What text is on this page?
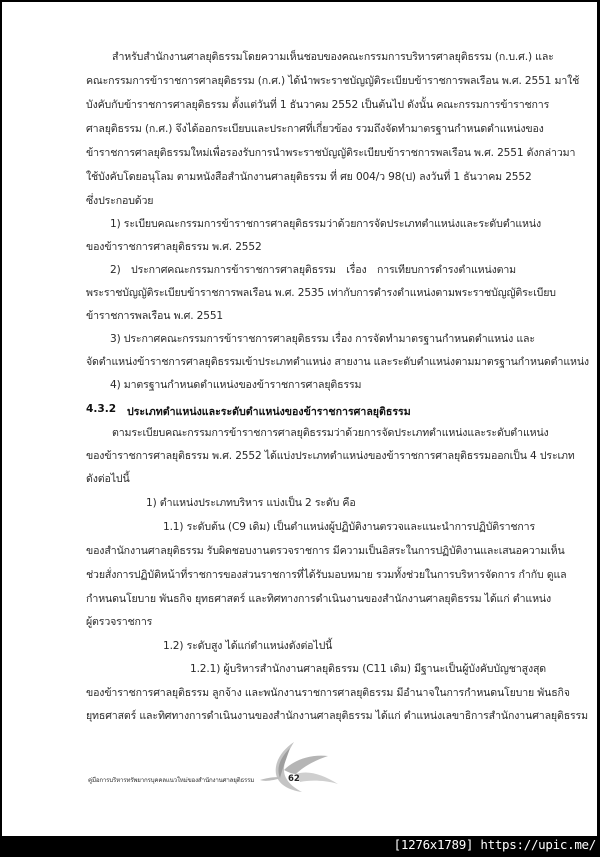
สำหรับสำนักงานศาลยุติธรรมโดยความเห็นชอบของคณะกรรมการบริหารศาลยุติธรรม (ก.บ.ศ.) และ
คณะกรรมการข้าราชการศาลยุติธรรม (ก.ศ.) ได้นำพระราชบัญญัติระเบียบข้าราชการพลเรือน พ.ศ. 2551 มาใช้
บังคับกับข้าราชการศาลยุติธรรม ตั้งแต่วันที่ 1 ธันวาคม 2552 เป็นต้นไป ดังนั้น คณะกรรมการข้าราชการ
ศาลยุติธรรม (ก.ศ.) จึงได้ออกระเบียบและประกาศที่เกี่ยวข้อง รวมถึงจัดทำมาตรฐานกำหนดตำแหน่งของ
ข้าราชการศาลยุติธรรมใหม่เพื่อรองรับการนำพระราชบัญญัติระเบียบข้าราชการพลเรือน พ.ศ. 2551 ดังกล่าวมา
ใช้บังคับโดยอนุโลม ตามหนังสือสำนักงานศาลยุติธรรม ที่ ศย 004/ว 98(ป) ลงวันที่ 1 ธันวาคม 2552
ซึ่งประกอบด้วย
1) ระเบียบคณะกรรมการข้าราชการศาลยุติธรรมว่าด้วยการจัดประเภทตำแหน่งและระดับตำแหน่ง
ของข้าราชการศาลยุติธรรม พ.ศ. 2552
2) ประกาศคณะกรรมการข้าราชการศาลยุติธรรม เรื่อง การเทียบการดำรงตำแหน่งตาม
พระราชบัญญัติระเบียบข้าราชการพลเรือน พ.ศ. 2535 เท่ากับการดำรงตำแหน่งตามพระราชบัญญัติระเบียบ
ข้าราชการพลเรือน พ.ศ. 2551
3) ประกาศคณะกรรมการข้าราชการศาลยุติธรรม เรื่อง การจัดทำมาตรฐานกำหนดตำแหน่ง และ
จัดตำแหน่งข้าราชการศาลยุติธรรมเข้าประเภทตำแหน่ง สายงาน และระดับตำแหน่งตามมาตรฐานกำหนดตำแหน่ง
4) มาตรฐานกำหนดตำแหน่งของข้าราชการศาลยุติธรรม
4.3.2 ประเภทตำแหน่งและระดับตำแหน่งของข้าราชการศาลยุติธรรม
ตามระเบียบคณะกรรมการข้าราชการศาลยุติธรรมว่าด้วยการจัดประเภทตำแหน่งและระดับตำแหน่ง
ของข้าราชการศาลยุติธรรม พ.ศ. 2552 ได้แบ่งประเภทตำแหน่งของข้าราชการศาลยุติธรรมออกเป็น 4 ประเภท
ดังต่อไปนี้
1) ตำแหน่งประเภทบริหาร แบ่งเป็น 2 ระดับ คือ
1.1) ระดับต้น (C9 เดิม) เป็นตำแหน่งผู้ปฏิบัติงานตรวจและแนะนำการปฏิบัติราชการ
ของสำนักงานศาลยุติธรรม รับผิดชอบงานตรวจราชการ มีความเป็นอิสระในการปฏิบัติงานและเสนอความเห็น
ช่วยสั่งการปฏิบัติหน้าที่ราชการของส่วนราชการที่ได้รับมอบหมาย รวมทั้งช่วยในการบริหารจัดการ กำกับ ดูแล
กำหนดนโยบาย พันธกิจ ยุทธศาสตร์ และทิศทางการดำเนินงานของสำนักงานศาลยุติธรรม ได้แก่ ตำแหน่ง
ผู้ตรวจราชการ
1.2) ระดับสูง ได้แก่ตำแหน่งดังต่อไปนี้
1.2.1) ผู้บริหารสำนักงานศาลยุติธรรม (C11 เดิม) มีฐานะเป็นผู้บังคับบัญชาสูงสุด
ของข้าราชการศาลยุติธรรม ลูกจ้าง และพนักงานราชการศาลยุติธรรม มีอำนาจในการกำหนดนโยบาย พันธกิจ
ยุทธศาสตร์ และทิศทางการดำเนินงานของสำนักงานศาลยุติธรรม ได้แก่ ตำแหน่งเลขาธิการสำนักงานศาลยุติธรรม
คู่มือการบริหารทรัพยากรบุคคลแนวใหม่ของสำนักงานศาลยุติธรรม	62
[1276x1789] https://upic.me/
